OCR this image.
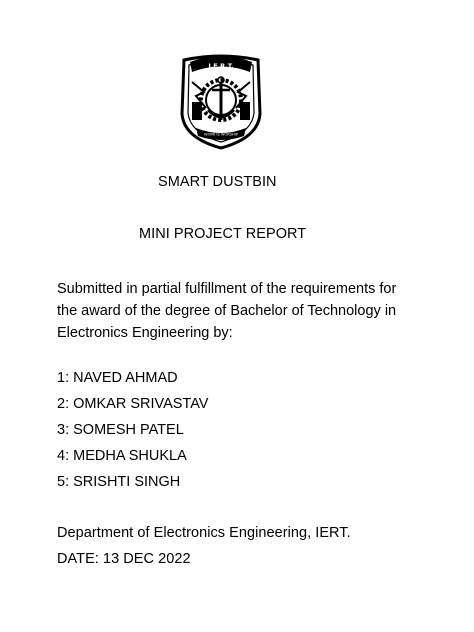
I.E.R.T.
WORK IS WORSHIP
SMART DUSTBIN
MINI PROJECT REPORT
Submitted in partial fulfillment of the requirements for
the award of the degree of Bachelor of Technology in
Electronics Engineering by:
1: NAVED AHMAD
2: OMKAR SRIVASTAV
3: SOMESH PATEL
4: MEDHA SHUKLA
5: SRISHTI SINGH
Department of Electronics Engineering, IERT.
DATE: 13 DEC 2022
